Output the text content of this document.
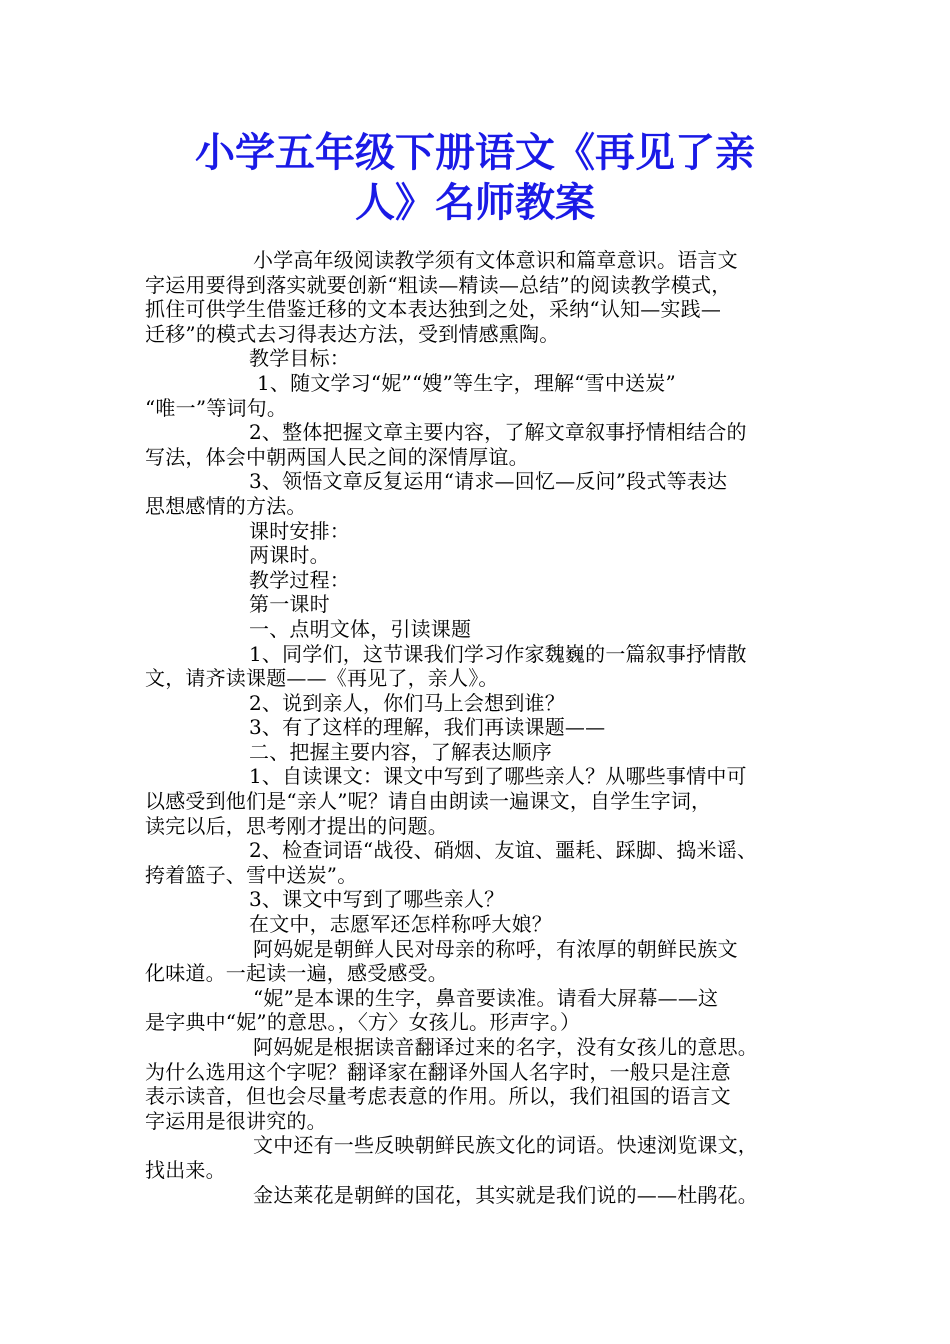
小学五年级下册语文《再见了亲
人》名师教案
小学高年级阅读教学须有文体意识和篇章意识。语言文
字运用要得到落实就要创新“粗读—精读—总结”的阅读教学模式，
抓住可供学生借鉴迁移的文本表达独到之处，采纳“认知—实践—
迁移”的模式去习得表达方法，受到情感熏陶。
教学目标：
1、随文学习“妮”“嫂”等生字，理解“雪中送炭”
“唯一”等词句。
2、整体把握文章主要内容，了解文章叙事抒情相结合的
写法，体会中朝两国人民之间的深情厚谊。
3、领悟文章反复运用“请求—回忆—反问”段式等表达
思想感情的方法。
课时安排：
两课时。
教学过程：
第一课时
一、点明文体，引读课题
1、同学们，这节课我们学习作家魏巍的一篇叙事抒情散
文，请齐读课题——《再见了，亲人》。
2、说到亲人，你们马上会想到谁？
3、有了这样的理解，我们再读课题——
二、把握主要内容，了解表达顺序
1、自读课文：课文中写到了哪些亲人？从哪些事情中可
以感受到他们是“亲人”呢？请自由朗读一遍课文，自学生字词，
读完以后，思考刚才提出的问题。
2、检查词语“战役、硝烟、友谊、噩耗、踩脚、捣米谣、
挎着篮子、雪中送炭”。
3、课文中写到了哪些亲人？
在文中，志愿军还怎样称呼大娘？
阿妈妮是朝鲜人民对母亲的称呼，有浓厚的朝鲜民族文
化味道。一起读一遍，感受感受。
“妮”是本课的生字，鼻音要读准。请看大屏幕——这
是字典中“妮”的意思。，〈方〉女孩儿。形声字。）
阿妈妮是根据读音翻译过来的名字，没有女孩儿的意思。
为什么选用这个字呢？翻译家在翻译外国人名字时，一般只是注意
表示读音，但也会尽量考虑表意的作用。所以，我们祖国的语言文
字运用是很讲究的。
文中还有一些反映朝鲜民族文化的词语。快速浏览课文，
找出来。
金达莱花是朝鲜的国花，其实就是我们说的——杜鹃花。
